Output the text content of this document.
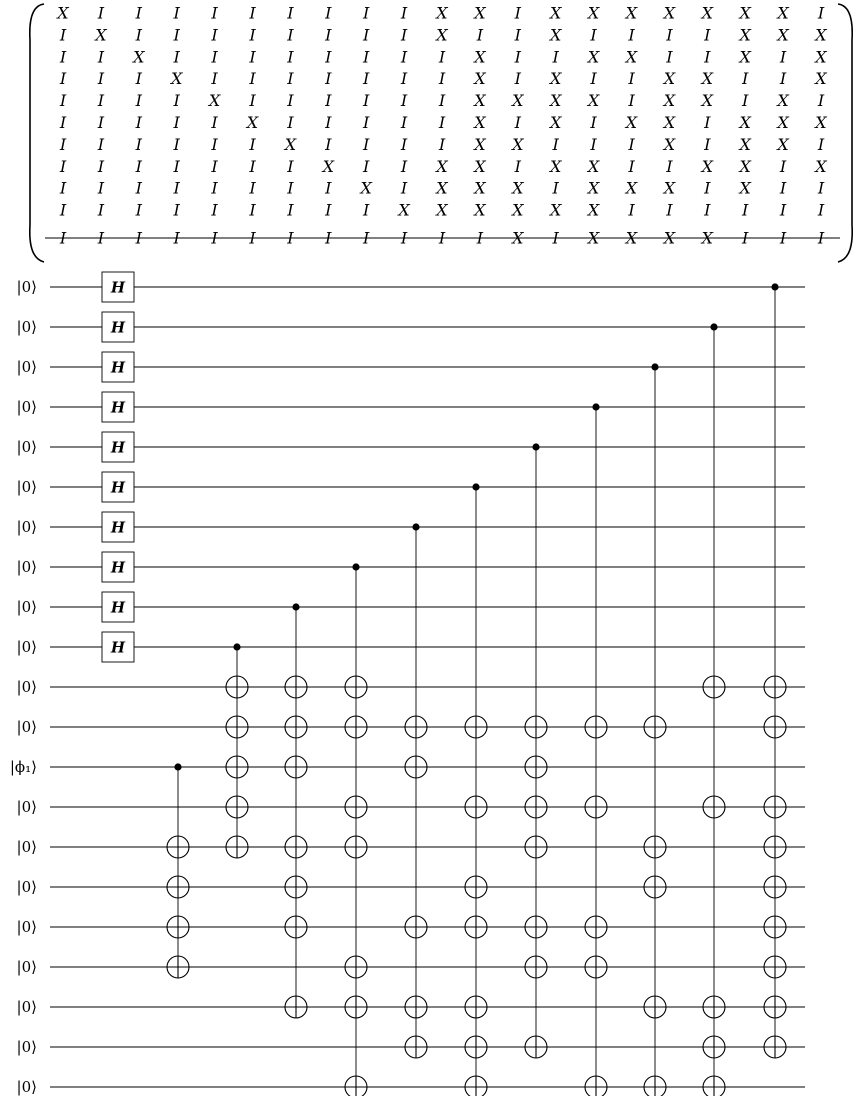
X I I I I I I I I I X X I X X X X X X X I
I X I I I I I I I I X I I X I I I I X X X
I I X I I I I I I I I X I I X X I I X I X
I I I X I I I I I I I X I X I I X X I I X
I I I I X I I I I I I X X X X I X X I X I
I I I I I X I I I I I X I X I X X I X X X
I I I I I I X I I I I X X I I I X I X X I
I I I I I I I X I I X X I X X I I X X I X
I I I I I I I I X I X X X I X X X I X I I
I I I I I I I I I X X X X X X I I I I I I
I I I I I I I I I I I I X I X X X X I I I
|0⟩
|0⟩
|0⟩
|0⟩
|0⟩
|0⟩
|0⟩
|0⟩
|0⟩
|0⟩
|0⟩
|0⟩
|ϕ₁⟩
|0⟩
|0⟩
|0⟩
|0⟩
|0⟩
|0⟩
|0⟩
|0⟩
H
H
H
H
H
H
H
H
H
H
